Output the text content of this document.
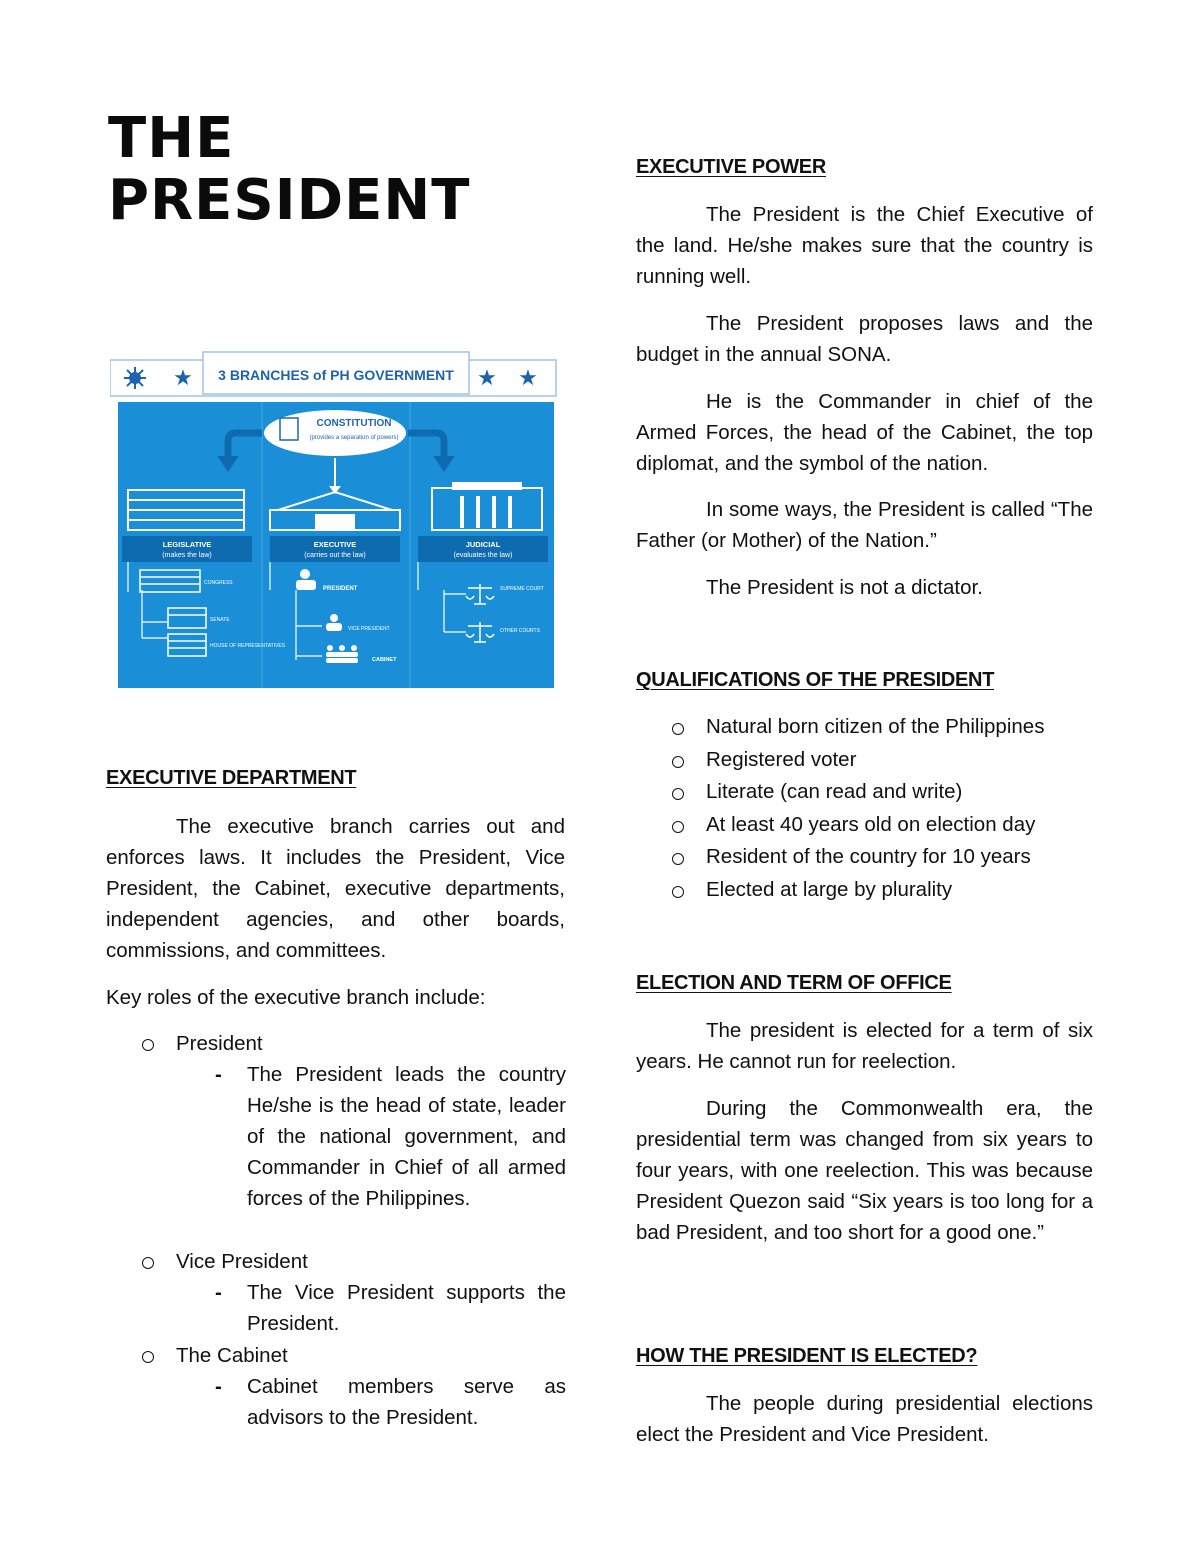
THE
PRESIDENT
★	★ ★
3 BRANCHES of PH GOVERNMENT
CONSTITUTION
(provides a separation of powers)
LEGISLATIVE
(makes the law)
EXECUTIVE
(carries out the law)
JUDICIAL
(evaluates the law)
CONGRESS
SENATE
HOUSE OF REPRESENTATIVES
PRESIDENT
VICE PRESIDENT
CABINET
SUPREME COURT
OTHER COURTS
EXECUTIVE DEPARTMENT

The executive branch carries out and enforces laws. It includes the President, Vice President, the Cabinet, executive departments, independent agencies, and other boards, commissions, and committees.

Key roles of the executive branch include:

President
- The President leads the country He/she is the head of state, leader of the national government, and Commander in Chief of all armed forces of the Philippines.
Vice President
- The Vice President supports the President.
The Cabinet
- Cabinet members serve as advisors to the President.
EXECUTIVE POWER

The President is the Chief Executive of the land. He/she makes sure that the country is running well.

The President proposes laws and the budget in the annual SONA.

He is the Commander in chief of the Armed Forces, the head of the Cabinet, the top diplomat, and the symbol of the nation.

In some ways, the President is called “The Father (or Mother) of the Nation.”

The President is not a dictator.

QUALIFICATIONS OF THE PRESIDENT
Natural born citizen of the Philippines
Registered voter
Literate (can read and write)
At least 40 years old on election day
Resident of the country for 10 years
Elected at large by plurality
ELECTION AND TERM OF OFFICE

The president is elected for a term of six years. He cannot run for reelection.

During the Commonwealth era, the presidential term was changed from six years to four years, with one reelection. This was because President Quezon said “Six years is too long for a bad President, and too short for a good one.”

HOW THE PRESIDENT IS ELECTED?

The people during presidential elections elect the President and Vice President.
